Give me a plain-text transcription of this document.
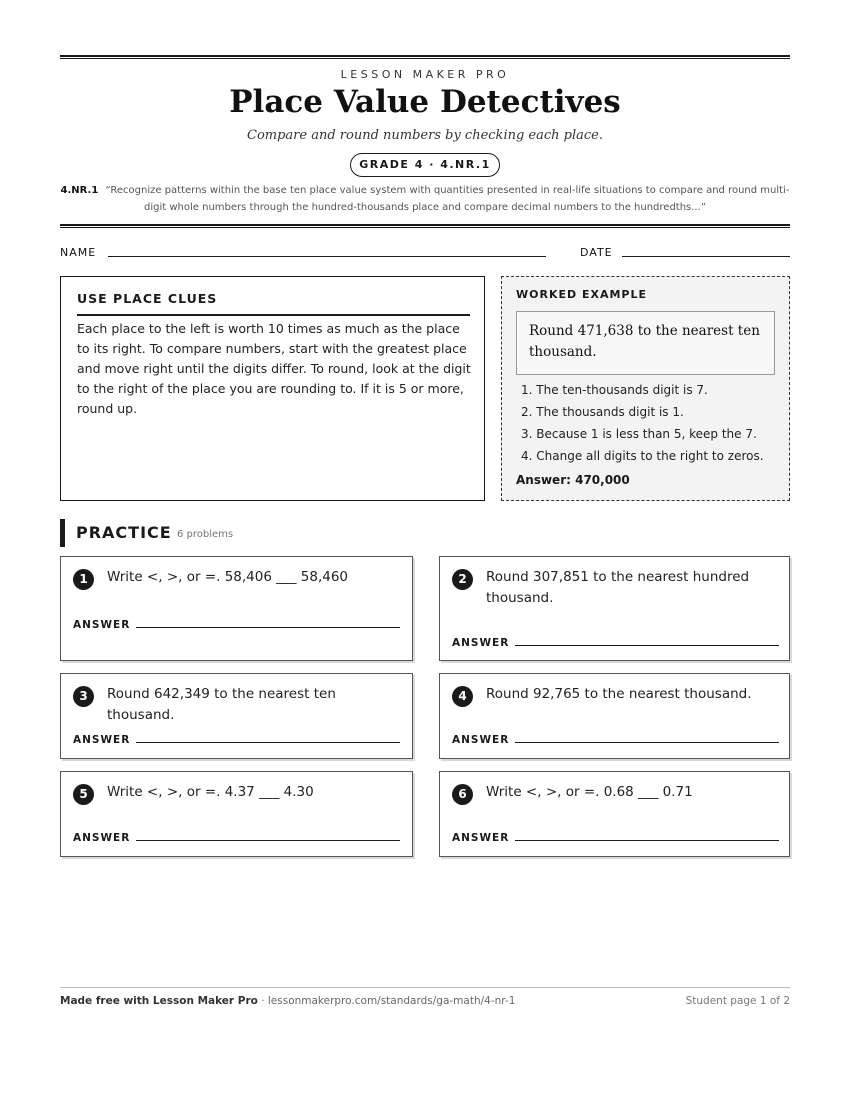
LESSON MAKER PRO
Place Value Detectives
Compare and round numbers by checking each place.
GRADE 4 · 4.NR.1
4.NR.1 “Recognize patterns within the base ten place value system with quantities presented in real-life situations to compare and round multi-digit whole numbers through the hundred-thousands place and compare decimal numbers to the hundredths...”
NAME	DATE
USE PLACE CLUES

Each place to the left is worth 10 times as much as the place to its right. To compare numbers, start with the greatest place and move right until the digits differ. To round, look at the digit to the right of the place you are rounding to. If it is 5 or more, round up.

WORKED EXAMPLE
Round 471,638 to the nearest ten thousand.
1. The ten-thousands digit is 7.
2. The thousands digit is 1.
3. Because 1 is less than 5, keep the 7.
4. Change all digits to the right to zeros.
Answer: 470,000
PRACTICE 6 problems
1	Write <, >, or =. 58,406 ___ 58,460
ANSWER
2	Round 307,851 to the nearest hundred thousand.
ANSWER
3	Round 642,349 to the nearest ten thousand.
ANSWER
4	Round 92,765 to the nearest thousand.
ANSWER
5	Write <, >, or =. 4.37 ___ 4.30
ANSWER
6	Write <, >, or =. 0.68 ___ 0.71
ANSWER
Made free with Lesson Maker Pro · lessonmakerpro.com/standards/ga-math/4-nr-1	Student page 1 of 2
